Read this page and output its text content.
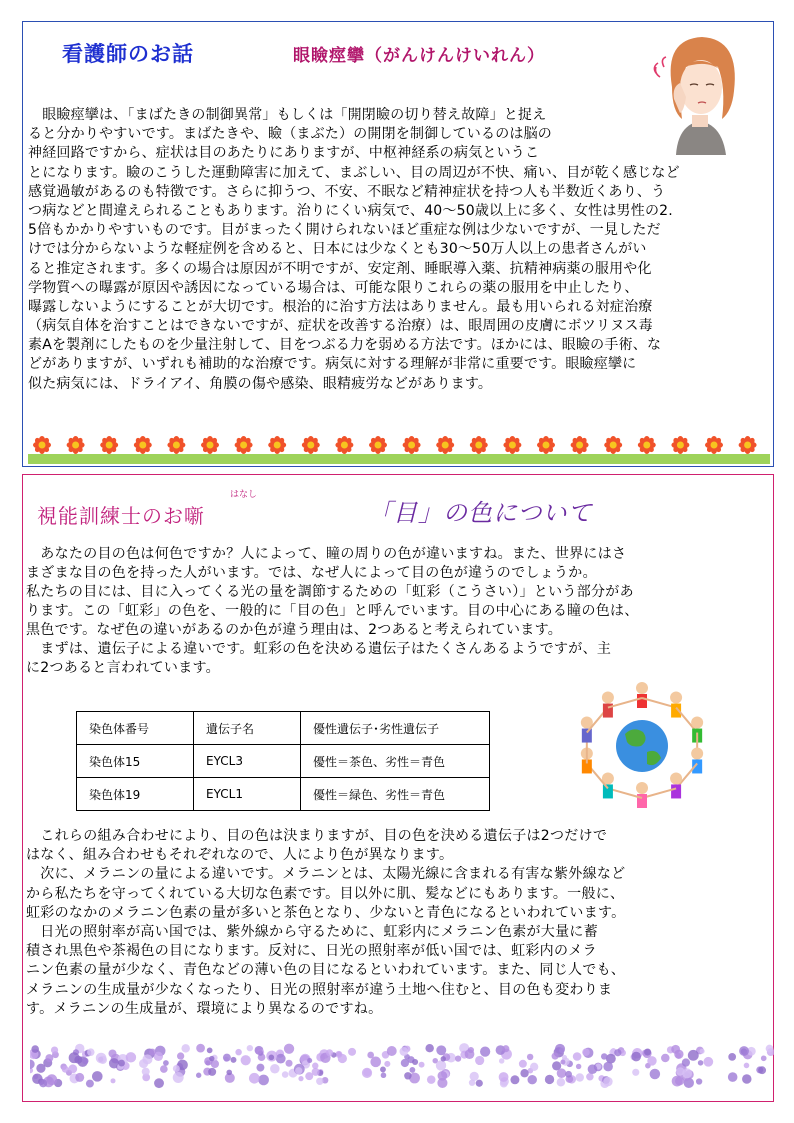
看護師のお話	眼瞼痙攣（がんけんけいれん）
　眼瞼痙攣は、「まばたきの制御異常」もしくは「開閉瞼の切り替え故障」と捉え
ると分かりやすいです。まばたきや、瞼（まぶた）の開閉を制御しているのは脳の
神経回路ですから、症状は目のあたりにありますが、中枢神経系の病気というこ
とになります。瞼のこうした運動障害に加えて、まぶしい、目の周辺が不快、痛い、目が乾く感じなど
感覚過敏があるのも特徴です。さらに抑うつ、不安、不眠など精神症状を持つ人も半数近くあり、う
つ病などと間違えられることもあります。治りにくい病気で、40～50歳以上に多く、女性は男性の2.
5倍もかかりやすいものです。目がまったく開けられないほど重症な例は少ないですが、一見しただ
けでは分からないような軽症例を含めると、日本には少なくとも30～50万人以上の患者さんがい
ると推定されます。多くの場合は原因が不明ですが、安定剤、睡眠導入薬、抗精神病薬の服用や化
学物質への曝露が原因や誘因になっている場合は、可能な限りこれらの薬の服用を中止したり、
曝露しないようにすることが大切です。根治的に治す方法はありません。最も用いられる対症治療
（病気自体を治すことはできないですが、症状を改善する治療）は、眼周囲の皮膚にボツリヌス毒
素Aを製剤にしたものを少量注射して、目をつぶる力を弱める方法です。ほかには、眼瞼の手術、な
どがありますが、いずれも補助的な治療です。病気に対する理解が非常に重要です。眼瞼痙攣に
似た病気には、ドライアイ、角膜の傷や感染、眼精疲労などがあります。
視能訓練士のお噺
はなし
「目」の色について
　あなたの目の色は何色ですか？人によって、瞳の周りの色が違いますね。また、世界にはさ
まざまな目の色を持った人がいます。では、なぜ人によって目の色が違うのでしょうか。
私たちの目には、目に入ってくる光の量を調節するための「虹彩（こうさい）」という部分があ
ります。この「虹彩」の色を、一般的に「目の色」と呼んでいます。目の中心にある瞳の色は、
黒色です。なぜ色の違いがあるのか色が違う理由は、2つあると考えられています。
　まずは、遺伝子による違いです。虹彩の色を決める遺伝子はたくさんあるようですが、主
に2つあると言われています。
染色体番号	遺伝子名	優性遺伝子･劣性遺伝子
染色体15	EYCL3	優性＝茶色、劣性＝青色
染色体19	EYCL1	優性＝緑色、劣性＝青色
　これらの組み合わせにより、目の色は決まりますが、目の色を決める遺伝子は2つだけで
はなく、組み合わせもそれぞれなので、人により色が異なります。
　次に、メラニンの量による違いです。メラニンとは、太陽光線に含まれる有害な紫外線など
から私たちを守ってくれている大切な色素です。目以外に肌、髪などにもあります。一般に、
虹彩のなかのメラニン色素の量が多いと茶色となり、少ないと青色になるといわれています。
　日光の照射率が高い国では、紫外線から守るために、虹彩内にメラニン色素が大量に蓄
積され黒色や茶褐色の目になります。反対に、日光の照射率が低い国では、虹彩内のメラ
ニン色素の量が少なく、青色などの薄い色の目になるといわれています。また、同じ人でも、
メラニンの生成量が少なくなったり、日光の照射率が違う土地へ住むと、目の色も変わりま
す。メラニンの生成量が、環境により異なるのですね。
